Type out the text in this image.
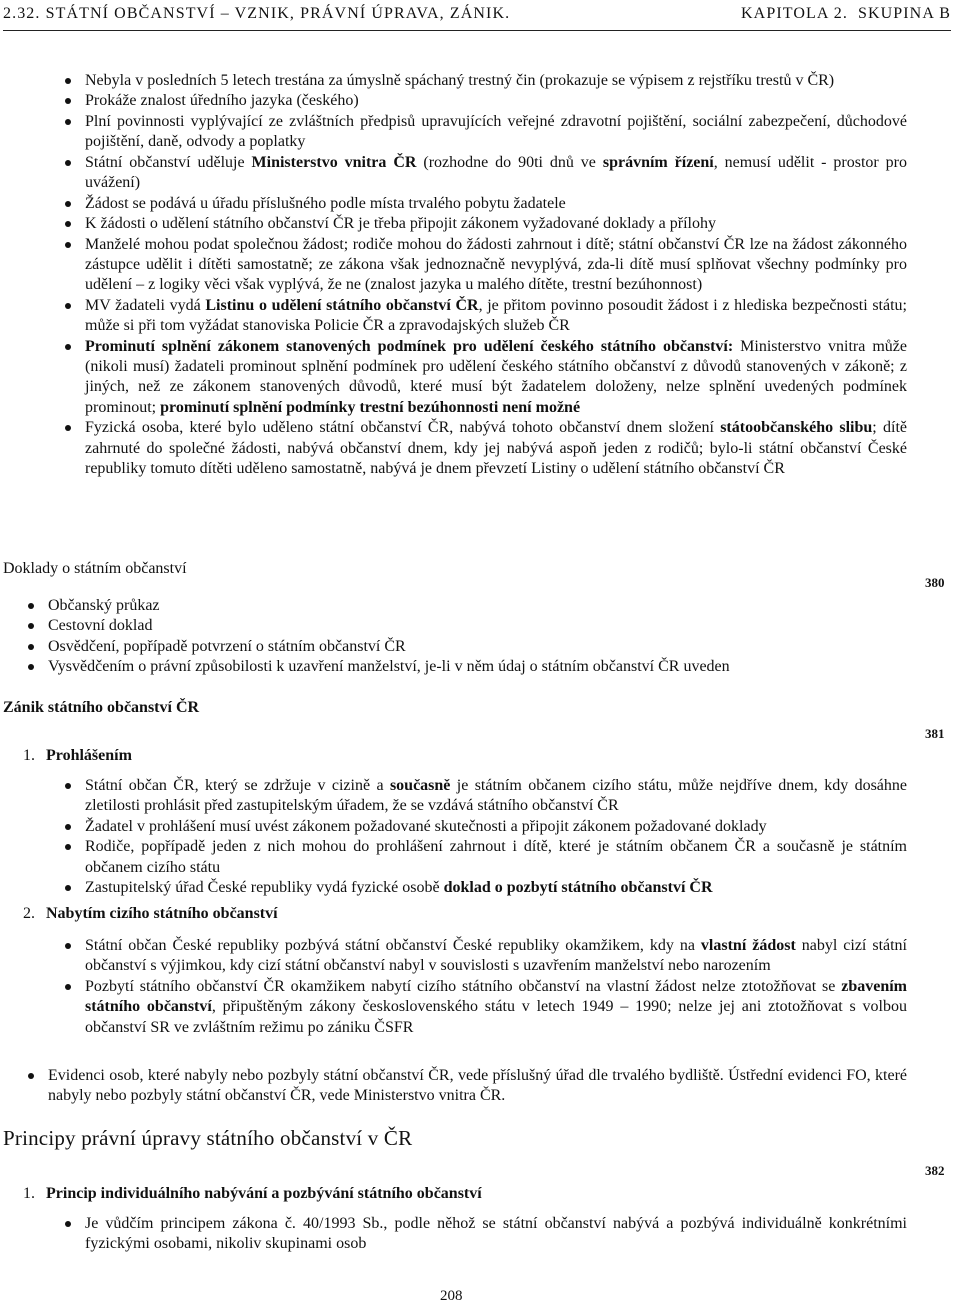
2.32. STÁTNÍ OBČANSTVÍ – VZNIK, PRÁVNÍ ÚPRAVA, ZÁNIK.	KAPITOLA 2. SKUPINA B
Nebyla v posledních 5 letech trestána za úmyslně spáchaný trestný čin (prokazuje se výpisem z rejstříku trestů v ČR)
Prokáže znalost úředního jazyka (českého)
Plní povinnosti vyplývající ze zvláštních předpisů upravujících veřejné zdravotní pojištění, sociální zabezpečení, důchodové pojištění, daně, odvody a poplatky
Státní občanství uděluje Ministerstvo vnitra ČR (rozhodne do 90ti dnů ve správním řízení, nemusí udělit - prostor pro uvážení)
Žádost se podává u úřadu příslušného podle místa trvalého pobytu žadatele
K žádosti o udělení státního občanství ČR je třeba připojit zákonem vyžadované doklady a přílohy
Manželé mohou podat společnou žádost; rodiče mohou do žádosti zahrnout i dítě; státní občanství ČR lze na žádost zákonného zástupce udělit i dítěti samostatně; ze zákona však jednoznačně nevyplývá, zda-li dítě musí splňovat všechny podmínky pro udělení – z logiky věci však vyplývá, že ne (znalost jazyka u malého dítěte, trestní bezúhonnost)
MV žadateli vydá Listinu o udělení státního občanství ČR, je přitom povinno posoudit žádost i z hlediska bezpečnosti státu; může si při tom vyžádat stanoviska Policie ČR a zpravodajských služeb ČR
Prominutí splnění zákonem stanovených podmínek pro udělení českého státního občanství: Ministerstvo vnitra může (nikoli musí) žadateli prominout splnění podmínek pro udělení českého státního občanství z důvodů stanovených v zákoně; z jiných, než ze zákonem stanovených důvodů, které musí být žadatelem doloženy, nelze splnění uvedených podmínek prominout; prominutí splnění podmínky trestní bezúhonnosti není možné
Fyzická osoba, které bylo uděleno státní občanství ČR, nabývá tohoto občanství dnem složení státoobčanského slibu; dítě zahrnuté do společné žádosti, nabývá občanství dnem, kdy jej nabývá aspoň jeden z rodičů; bylo-li státní občanství České republiky tomuto dítěti uděleno samostatně, nabývá je dnem převzetí Listiny o udělení státního občanství ČR
Doklady o státním občanství
380
Občanský průkaz
Cestovní doklad
Osvědčení, popřípadě potvrzení o státním občanství ČR
Vysvědčením o právní způsobilosti k uzavření manželství, je-li v něm údaj o státním občanství ČR uveden
Zánik státního občanství ČR
381
1. Prohlášením
Státní občan ČR, který se zdržuje v cizině a současně je státním občanem cizího státu, může nejdříve dnem, kdy dosáhne zletilosti prohlásit před zastupitelským úřadem, že se vzdává státního občanství ČR
Žadatel v prohlášení musí uvést zákonem požadované skutečnosti a připojit zákonem požadované doklady
Rodiče, popřípadě jeden z nich mohou do prohlášení zahrnout i dítě, které je státním občanem ČR a současně je státním občanem cizího státu
Zastupitelský úřad České republiky vydá fyzické osobě doklad o pozbytí státního občanství ČR
2. Nabytím cizího státního občanství
Státní občan České republiky pozbývá státní občanství České republiky okamžikem, kdy na vlastní žádost nabyl cizí státní občanství s výjimkou, kdy cizí státní občanství nabyl v souvislosti s uzavřením manželství nebo narozením
Pozbytí státního občanství ČR okamžikem nabytí cizího státního občanství na vlastní žádost nelze ztotožňovat se zbavením státního občanství, připuštěným zákony československého státu v letech 1949 – 1990; nelze jej ani ztotožňovat s volbou občanství SR ve zvláštním režimu po zániku ČSFR
Evidenci osob, které nabyly nebo pozbyly státní občanství ČR, vede příslušný úřad dle trvalého bydliště. Ústřední evidenci FO, které nabyly nebo pozbyly státní občanství ČR, vede Ministerstvo vnitra ČR.
Principy právní úpravy státního občanství v ČR
382
1. Princip individuálního nabývání a pozbývání státního občanství
Je vůdčím principem zákona č. 40/1993 Sb., podle něhož se státní občanství nabývá a pozbývá individuálně konkrétními fyzickými osobami, nikoliv skupinami osob
208
